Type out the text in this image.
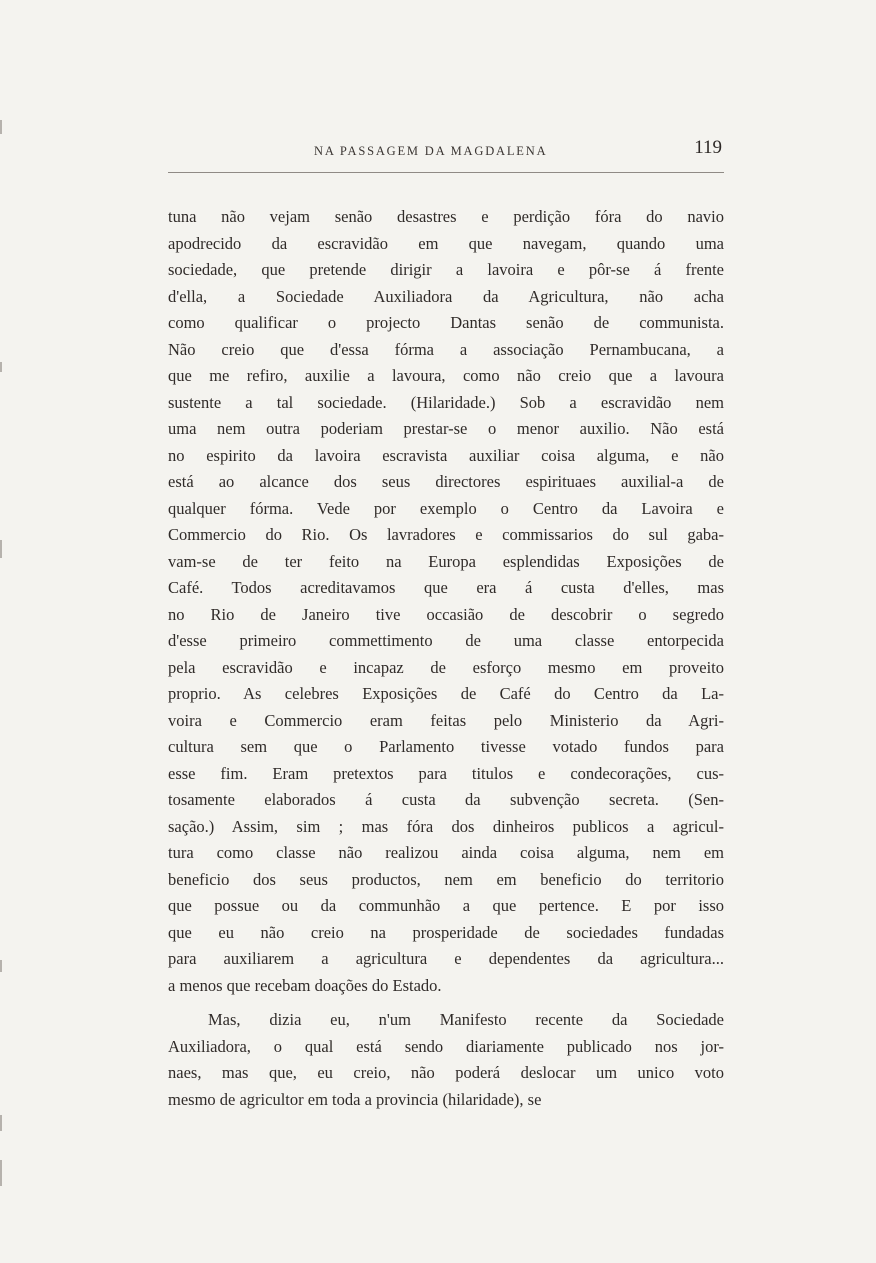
NA PASSAGEM DA MAGDALENA	119
tuna não vejam senão desastres e perdição fóra do navio
apodrecido da escravidão em que navegam, quando uma
sociedade, que pretende dirigir a lavoira e pôr-se á frente
d'ella, a Sociedade Auxiliadora da Agricultura, não acha
como qualificar o projecto Dantas senão de communista.
Não creio que d'essa fórma a associação Pernambucana, a
que me refiro, auxilie a lavoura, como não creio que a lavoura
sustente a tal sociedade. (Hilaridade.) Sob a escravidão nem
uma nem outra poderiam prestar-se o menor auxilio. Não está
no espirito da lavoira escravista auxiliar coisa alguma, e não
está ao alcance dos seus directores espirituaes auxilial-a de
qualquer fórma. Vede por exemplo o Centro da Lavoira e
Commercio do Rio. Os lavradores e commissarios do sul gaba-
vam-se de ter feito na Europa esplendidas Exposições de
Café. Todos acreditavamos que era á custa d'elles, mas
no Rio de Janeiro tive occasião de descobrir o segredo
d'esse primeiro commettimento de uma classe entorpecida
pela escravidão e incapaz de esforço mesmo em proveito
proprio. As celebres Exposições de Café do Centro da La-
voira e Commercio eram feitas pelo Ministerio da Agri-
cultura sem que o Parlamento tivesse votado fundos para
esse fim. Eram pretextos para titulos e condecorações, cus-
tosamente elaborados á custa da subvenção secreta. (Sen-
sação.) Assim, sim ; mas fóra dos dinheiros publicos a agricul-
tura como classe não realizou ainda coisa alguma, nem em
beneficio dos seus productos, nem em beneficio do territorio
que possue ou da communhão a que pertence. E por isso
que eu não creio na prosperidade de sociedades fundadas
para auxiliarem a agricultura e dependentes da agricultura...
a menos que recebam doações do Estado.
Mas, dizia eu, n'um Manifesto recente da Sociedade
Auxiliadora, o qual está sendo diariamente publicado nos jor-
naes, mas que, eu creio, não poderá deslocar um unico voto
mesmo de agricultor em toda a provincia (hilaridade), se
